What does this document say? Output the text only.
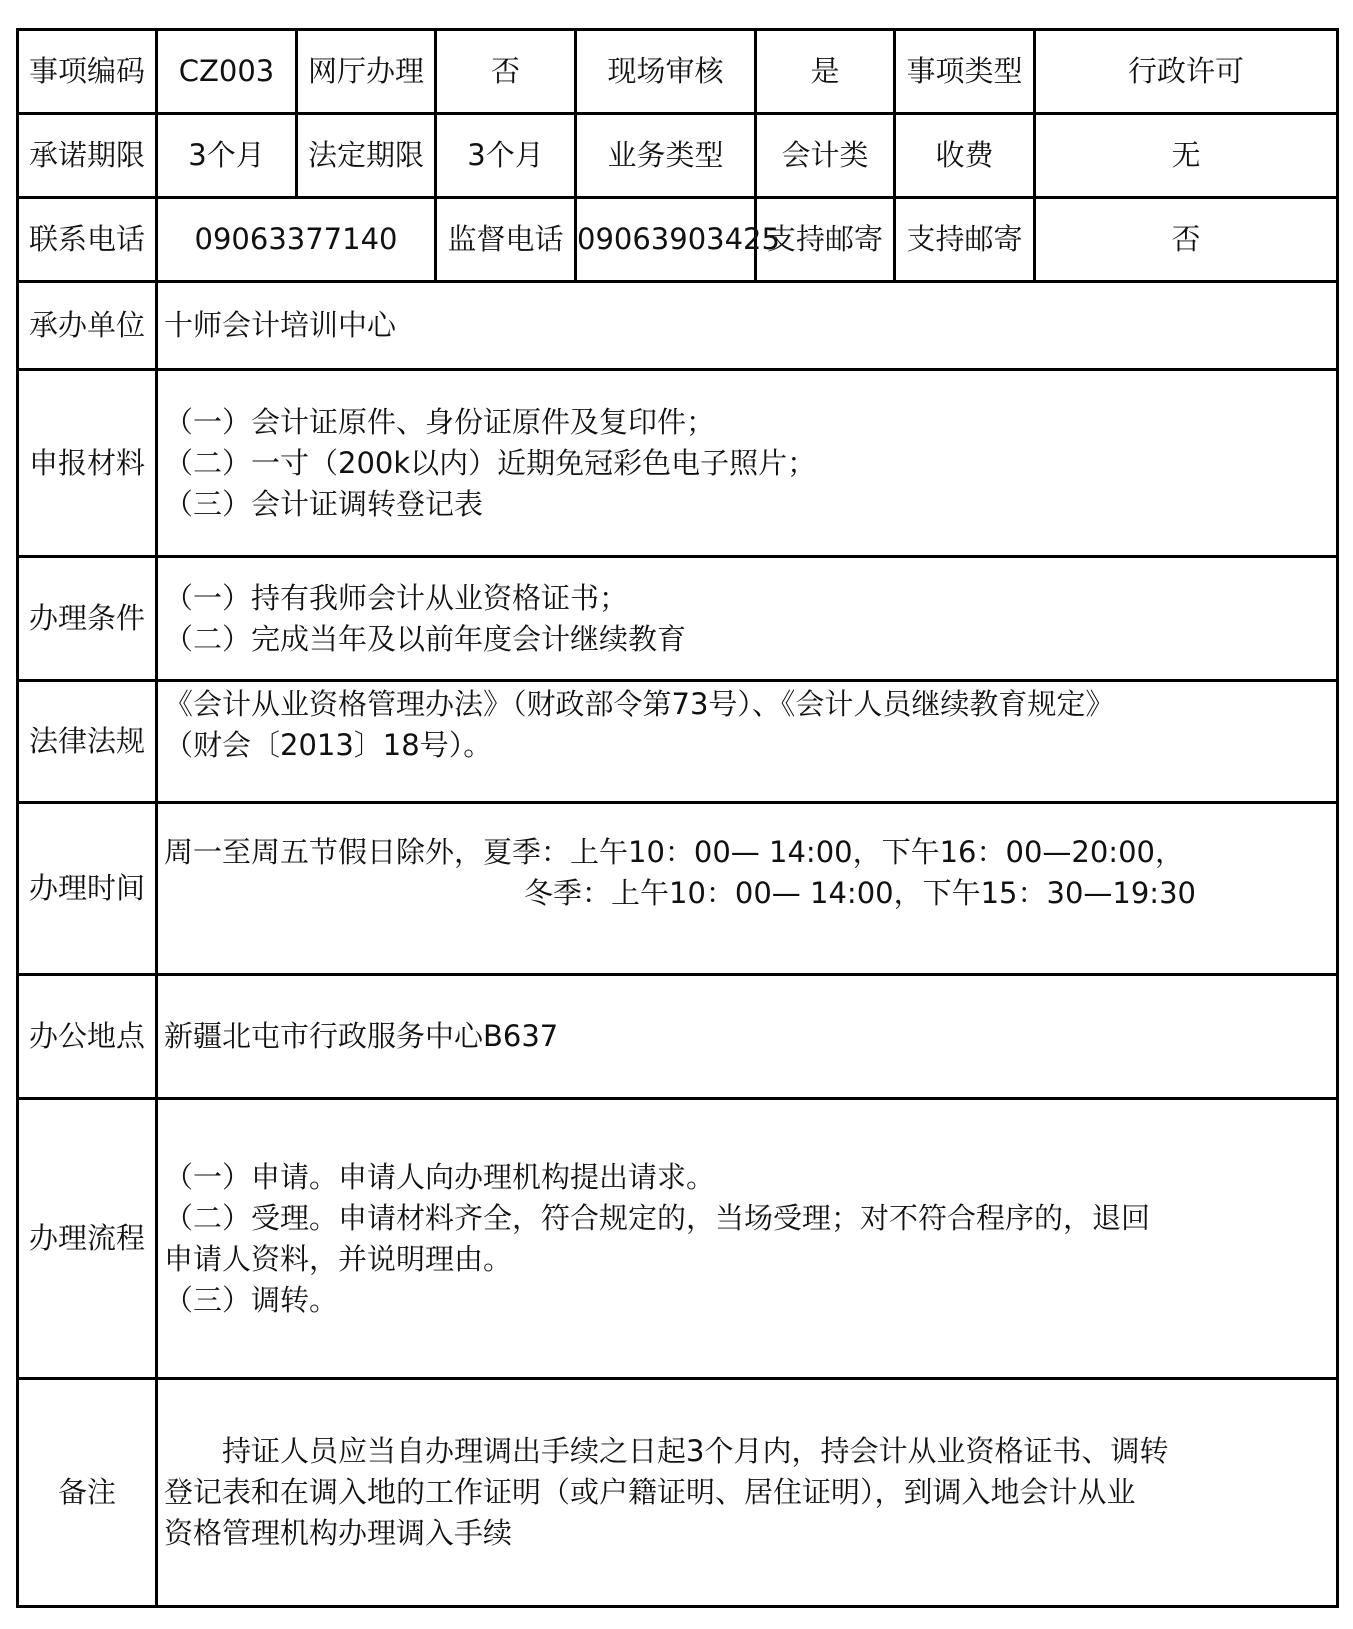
事项编码	CZ003	网厅办理	否	现场审核	是	事项类型	行政许可
承诺期限	3个月	法定期限	3个月	业务类型	会计类	收费	无
联系电话	09063377140		监督电话	09063903425	支持邮寄	支持邮寄	否
承办单位	十师会计培训中心						
申报材料	（一）会计证原件、身份证原件及复印件；
（二）一寸（200k以内）近期免冠彩色电子照片；
（三）会计证调转登记表						

办理条件	（一）持有我师会计从业资格证书；
（二）完成当年及以前年度会计继续教育						

法律法规	《会计从业资格管理办法》（财政部令第73号）、《会计人员继续教育规定》
（财会〔2013〕18号）。						

办理时间	周一至周五节假日除外，夏季：上午10：00— 14:00，下午16：00—20:00，
冬季：上午10：00— 14:00，下午15：30—19:30						

办公地点	新疆北屯市行政服务中心B637						
办理流程	（一）申请。申请人向办理机构提出请求。
（二）受理。申请材料齐全，符合规定的，当场受理；对不符合程序的，退回
申请人资料，并说明理由。
（三）调转。						

备注	持证人员应当自办理调出手续之日起3个月内，持会计从业资格证书、调转
登记表和在调入地的工作证明（或户籍证明、居住证明），到调入地会计从业
资格管理机构办理调入手续						
